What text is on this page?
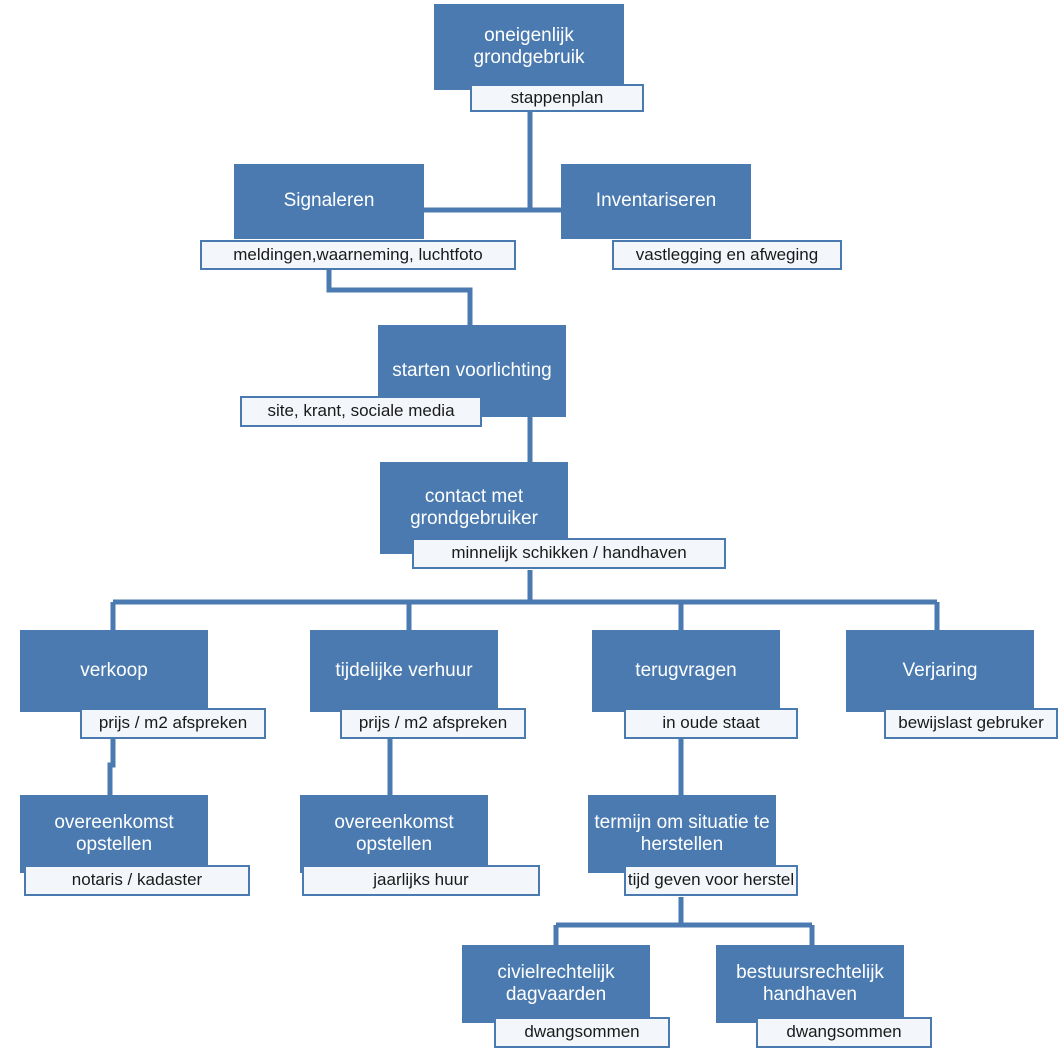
oneigenlijk grondgebruik
stappenplan
Signaleren
meldingen,waarneming, luchtfoto
Inventariseren
vastlegging en afweging
starten voorlichting
site, krant, sociale media
contact met grondgebruiker
minnelijk schikken / handhaven
verkoop
prijs / m2 afspreken
tijdelijke verhuur
prijs / m2 afspreken
terugvragen
in oude staat
Verjaring
bewijslast gebruker
overeenkomst opstellen
notaris / kadaster
overeenkomst opstellen
jaarlijks huur
termijn om situatie te herstellen
tijd geven voor herstel
civielrechtelijk dagvaarden
dwangsommen
bestuursrechtelijk handhaven
dwangsommen
